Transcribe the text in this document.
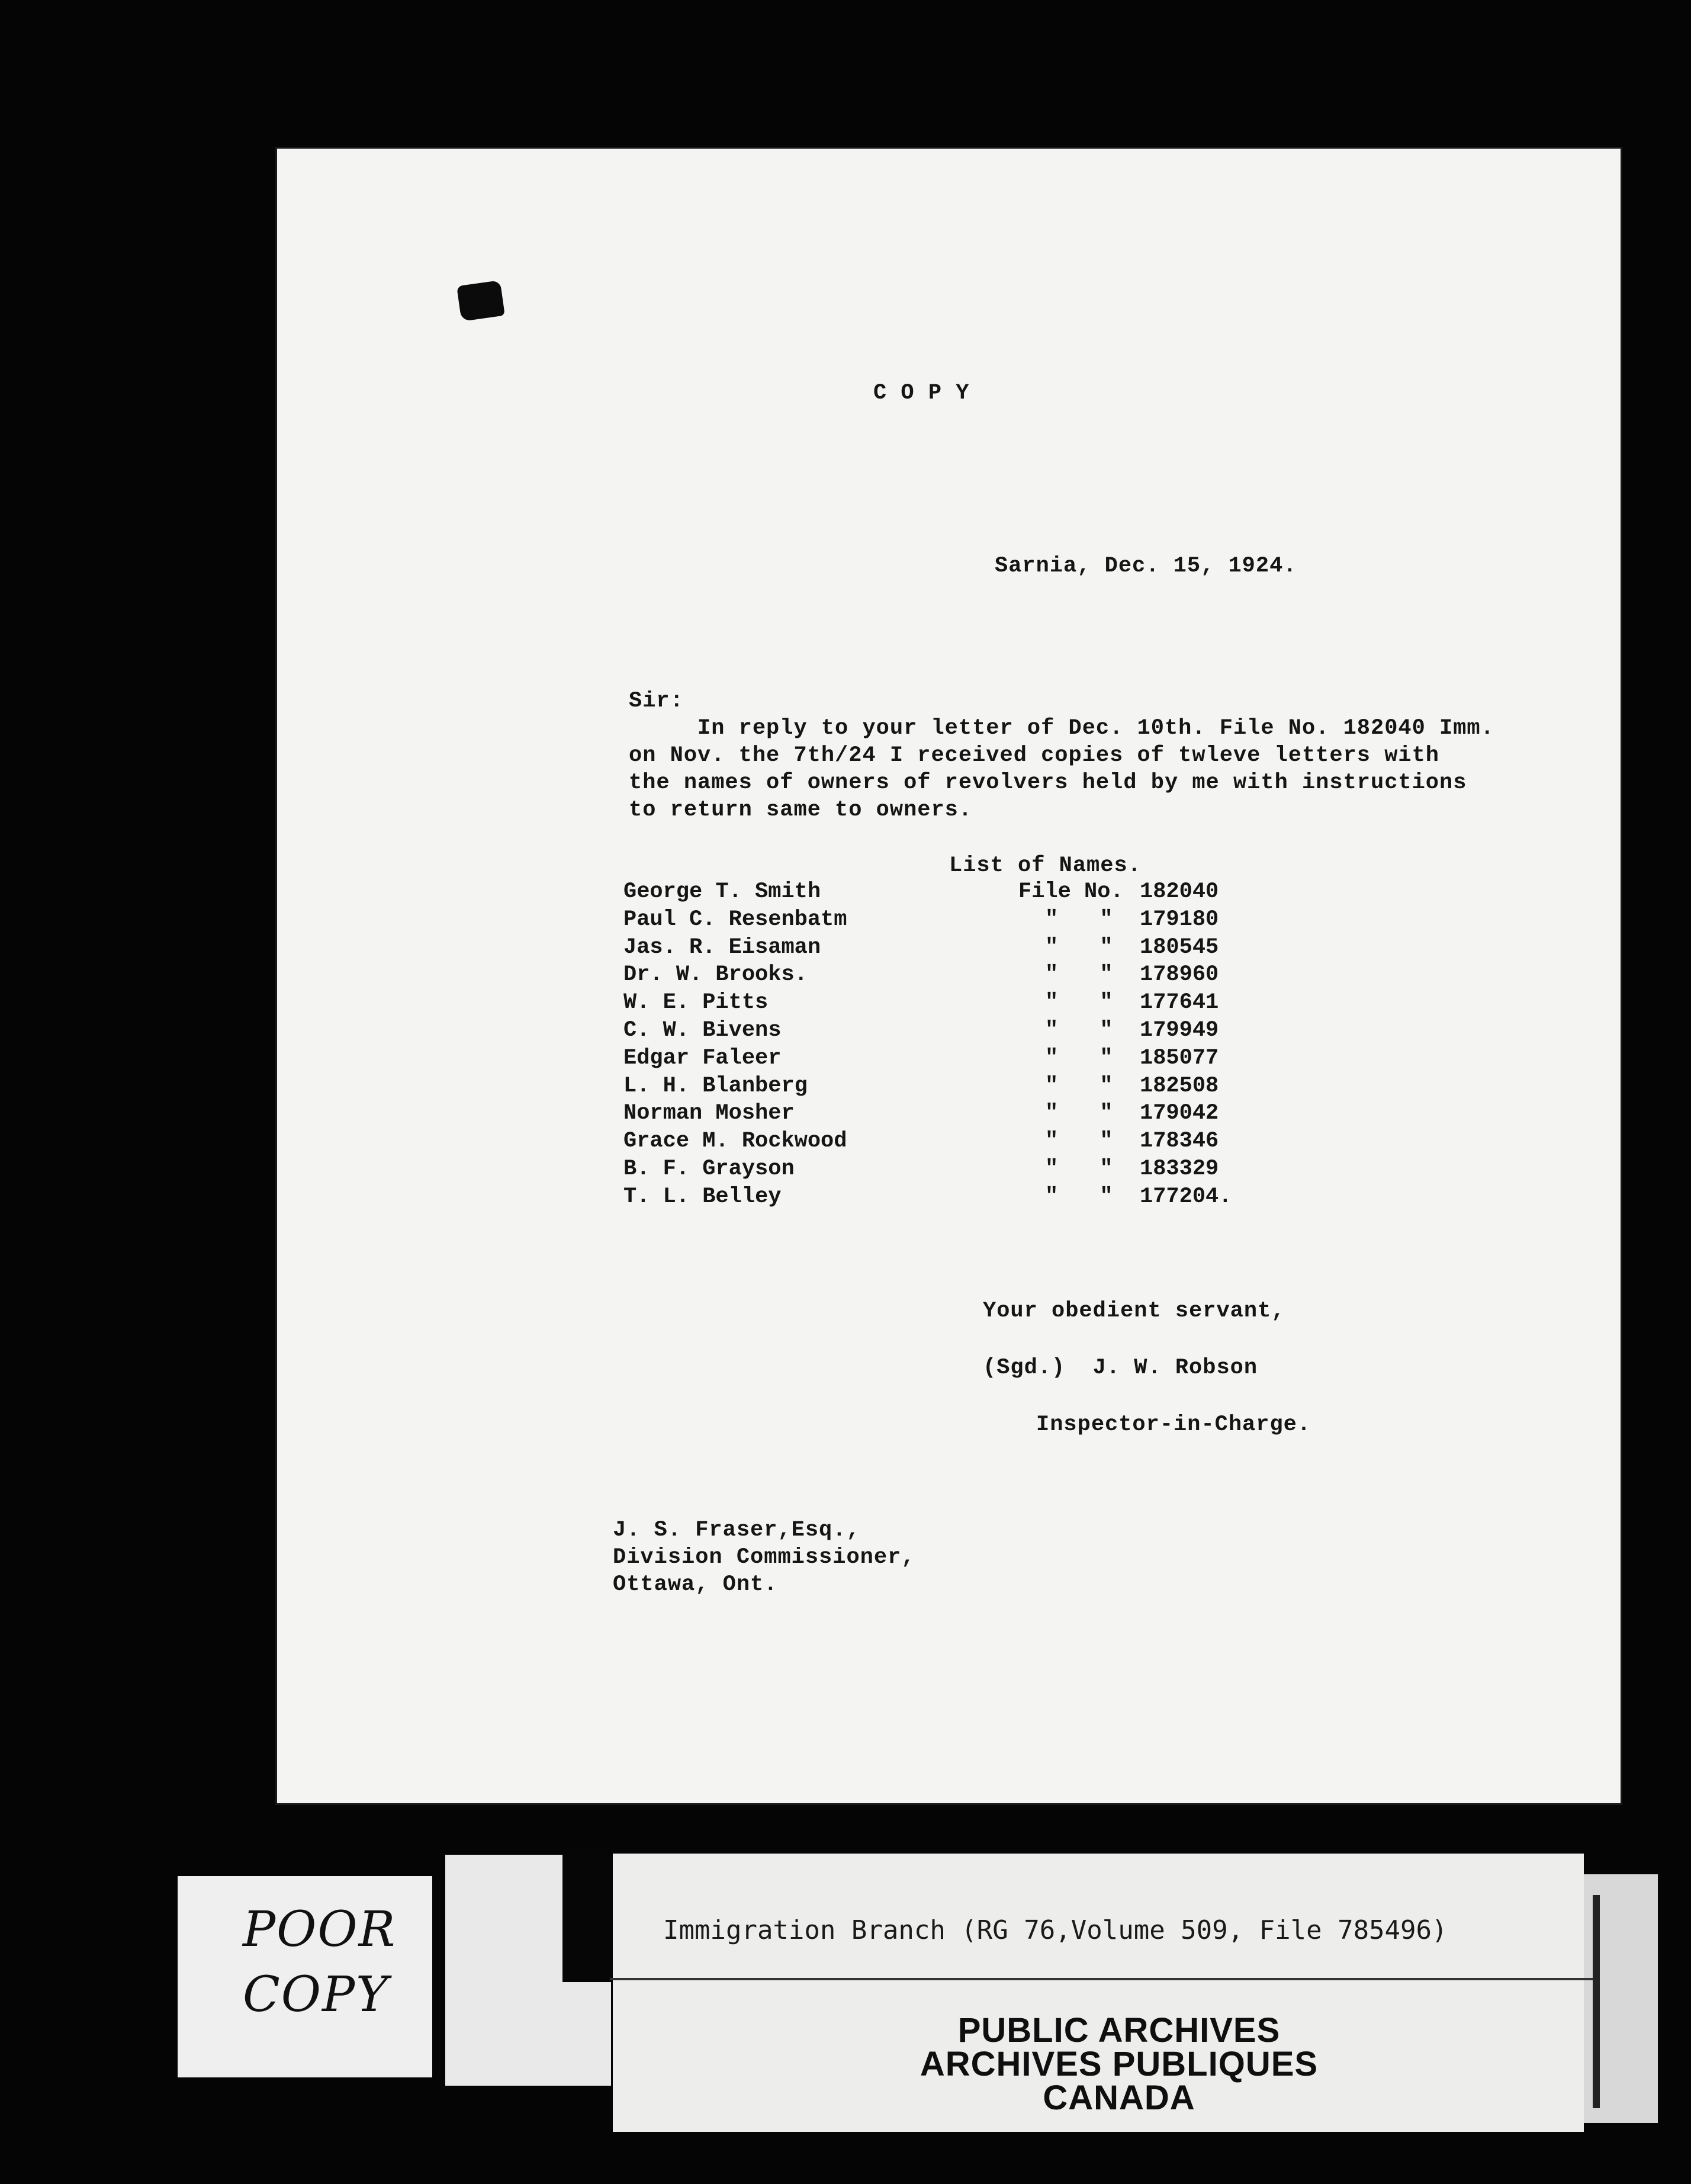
C O P Y
Sarnia, Dec. 15, 1924.
Sir:
In reply to your letter of Dec. 10th. File No. 182040 Imm.
on Nov. the 7th/24 I received copies of twleve letters with
the names of owners of revolvers held by me with instructions
to return same to owners.
List of Names.
George T. Smith	File No. 182040
Paul C. Resenbatm	" " 179180
Jas. R. Eisaman	" " 180545
Dr. W. Brooks.	" " 178960
W. E. Pitts	" " 177641
C. W. Bivens	" " 179949
Edgar Faleer	" " 185077
L. H. Blanberg	" " 182508
Norman Mosher	" " 179042
Grace M. Rockwood	" " 178346
B. F. Grayson	" " 183329
T. L. Belley	" " 177204.
Your obedient servant,
(Sgd.)  J. W. Robson
Inspector-in-Charge.
J. S. Fraser,Esq.,
Division Commissioner,
Ottawa, Ont.
POOR
COPY
Immigration Branch (RG 76,Volume 509, File 785496)
PUBLIC ARCHIVES
ARCHIVES PUBLIQUES
CANADA
